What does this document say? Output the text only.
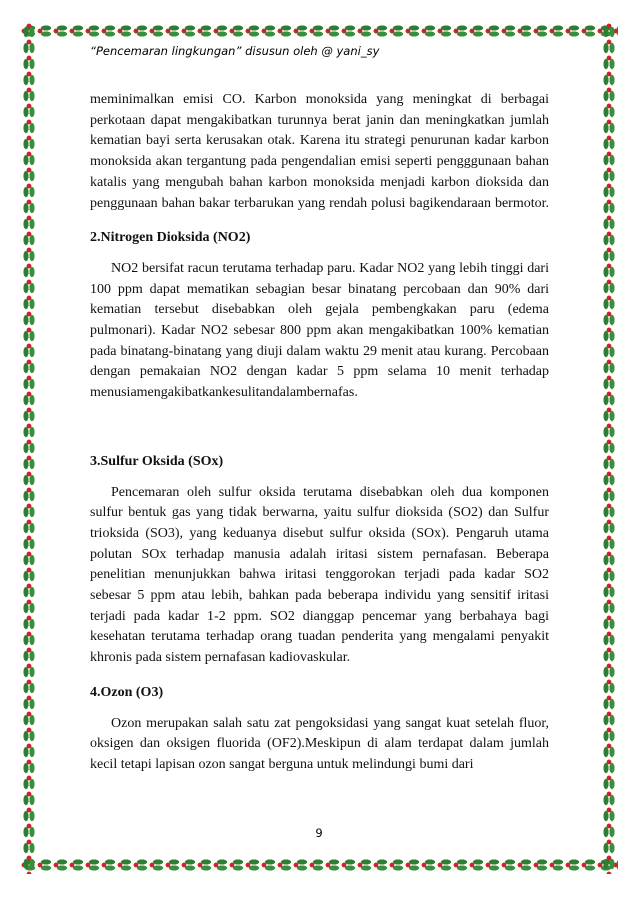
“Pencemaran lingkungan” disusun oleh @ yani_sy

meminimalkan emisi CO. Karbon monoksida yang meningkat di berbagai perkotaan dapat mengakibatkan turunnya berat janin dan meningkatkan jumlah kematian bayi serta kerusakan otak. Karena itu strategi penurunan kadar karbon monoksida akan tergantung pada pengendalian emisi seperti pengggunaan bahan katalis yang mengubah bahan karbon monoksida menjadi karbon dioksida dan penggunaan bahan bakar terbarukan yang rendah polusi bagikendaraan bermotor.

2.Nitrogen Dioksida (NO2)

NO2 bersifat racun terutama terhadap paru. Kadar NO2 yang lebih tinggi dari 100 ppm dapat mematikan sebagian besar binatang percobaan dan 90% dari kematian tersebut disebabkan oleh gejala pembengkakan paru (edema pulmonari). Kadar NO2 sebesar 800 ppm akan mengakibatkan 100% kematian pada binatang-binatang yang diuji dalam waktu 29 menit atau kurang. Percobaan dengan pemakaian NO2 dengan kadar 5 ppm selama 10 menit terhadap menusiamengakibatkankesulitandalambernafas.

3.Sulfur Oksida (SOx)

Pencemaran oleh sulfur oksida terutama disebabkan oleh dua komponen sulfur bentuk gas yang tidak berwarna, yaitu sulfur dioksida (SO2) dan Sulfur trioksida (SO3), yang keduanya disebut sulfur oksida (SOx). Pengaruh utama polutan SOx terhadap manusia adalah iritasi sistem pernafasan. Beberapa penelitian menunjukkan bahwa iritasi tenggorokan terjadi pada kadar SO2 sebesar 5 ppm atau lebih, bahkan pada beberapa individu yang sensitif iritasi terjadi pada kadar 1-2 ppm. SO2 dianggap pencemar yang berbahaya bagi kesehatan terutama terhadap orang tuadan penderita yang mengalami penyakit khronis pada sistem pernafasan kadiovaskular.

4.Ozon (O3)

Ozon merupakan salah satu zat pengoksidasi yang sangat kuat setelah fluor, oksigen dan oksigen fluorida (OF2).Meskipun di alam terdapat dalam jumlah kecil tetapi lapisan ozon sangat berguna untuk melindungi bumi dari

9
